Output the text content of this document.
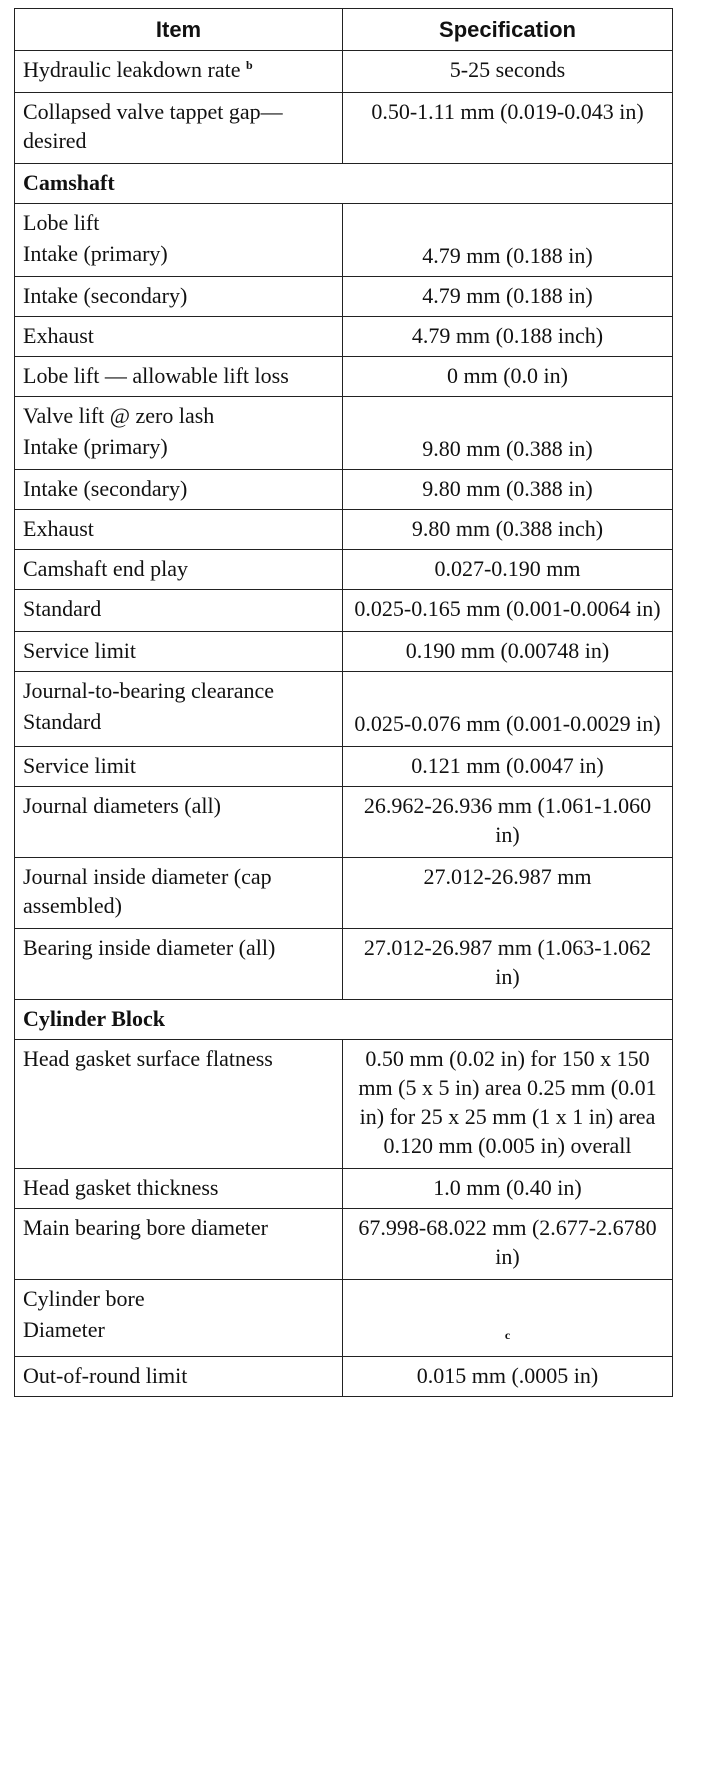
Item	Specification
Hydraulic leakdown rate $^b$	5-25 seconds
Collapsed valve tappet gap—desired	0.50-1.11 mm (0.019-0.043 in)
Camshaft	
Lobe lift	
Intake (primary)	4.79 mm (0.188 in)
Intake (secondary)	4.79 mm (0.188 in)
Exhaust	4.79 mm (0.188 inch)
Lobe lift — allowable lift loss	0 mm (0.0 in)
Valve lift @ zero lash	
Intake (primary)	9.80 mm (0.388 in)
Intake (secondary)	9.80 mm (0.388 in)
Exhaust	9.80 mm (0.388 inch)
Camshaft end play	0.027-0.190 mm
Standard	0.025-0.165 mm (0.001-0.0064 in)
Service limit	0.190 mm (0.00748 in)
Journal-to-bearing clearance	
Standard	0.025-0.076 mm (0.001-0.0029 in)
Service limit	0.121 mm (0.0047 in)
Journal diameters (all)	26.962-26.936 mm (1.061-1.060 in)
Journal inside diameter (cap assembled)	27.012-26.987 mm
Bearing inside diameter (all)	27.012-26.987 mm (1.063-1.062 in)
Cylinder Block	
Head gasket surface flatness	0.50 mm (0.02 in) for 150 x 150 mm (5 x 5 in) area 0.25 mm (0.01 in) for 25 x 25 mm (1 x 1 in) area 0.120 mm (0.005 in) overall
Head gasket thickness	1.0 mm (0.40 in)
Main bearing bore diameter	67.998-68.022 mm (2.677-2.6780 in)
Cylinder bore	
Diameter	c
Out-of-round limit	0.015 mm (.0005 in)
